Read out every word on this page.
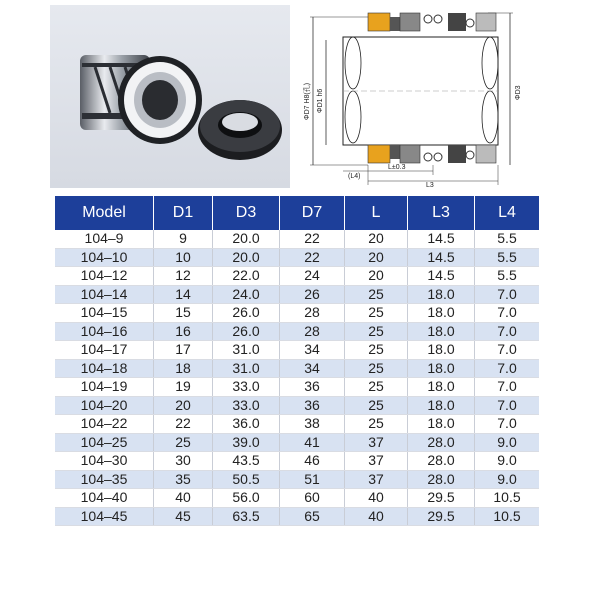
ΦD7 H8(孔) ΦD1 h6	ΦD3
(L4)
L±0.3
L3
Model	D1	D3	D7	L	L3	L4
104–9	9	20.0	22	20	14.5	5.5
104–10	10	20.0	22	20	14.5	5.5
104–12	12	22.0	24	20	14.5	5.5
104–14	14	24.0	26	25	18.0	7.0
104–15	15	26.0	28	25	18.0	7.0
104–16	16	26.0	28	25	18.0	7.0
104–17	17	31.0	34	25	18.0	7.0
104–18	18	31.0	34	25	18.0	7.0
104–19	19	33.0	36	25	18.0	7.0
104–20	20	33.0	36	25	18.0	7.0
104–22	22	36.0	38	25	18.0	7.0
104–25	25	39.0	41	37	28.0	9.0
104–30	30	43.5	46	37	28.0	9.0
104–35	35	50.5	51	37	28.0	9.0
104–40	40	56.0	60	40	29.5	10.5
104–45	45	63.5	65	40	29.5	10.5
